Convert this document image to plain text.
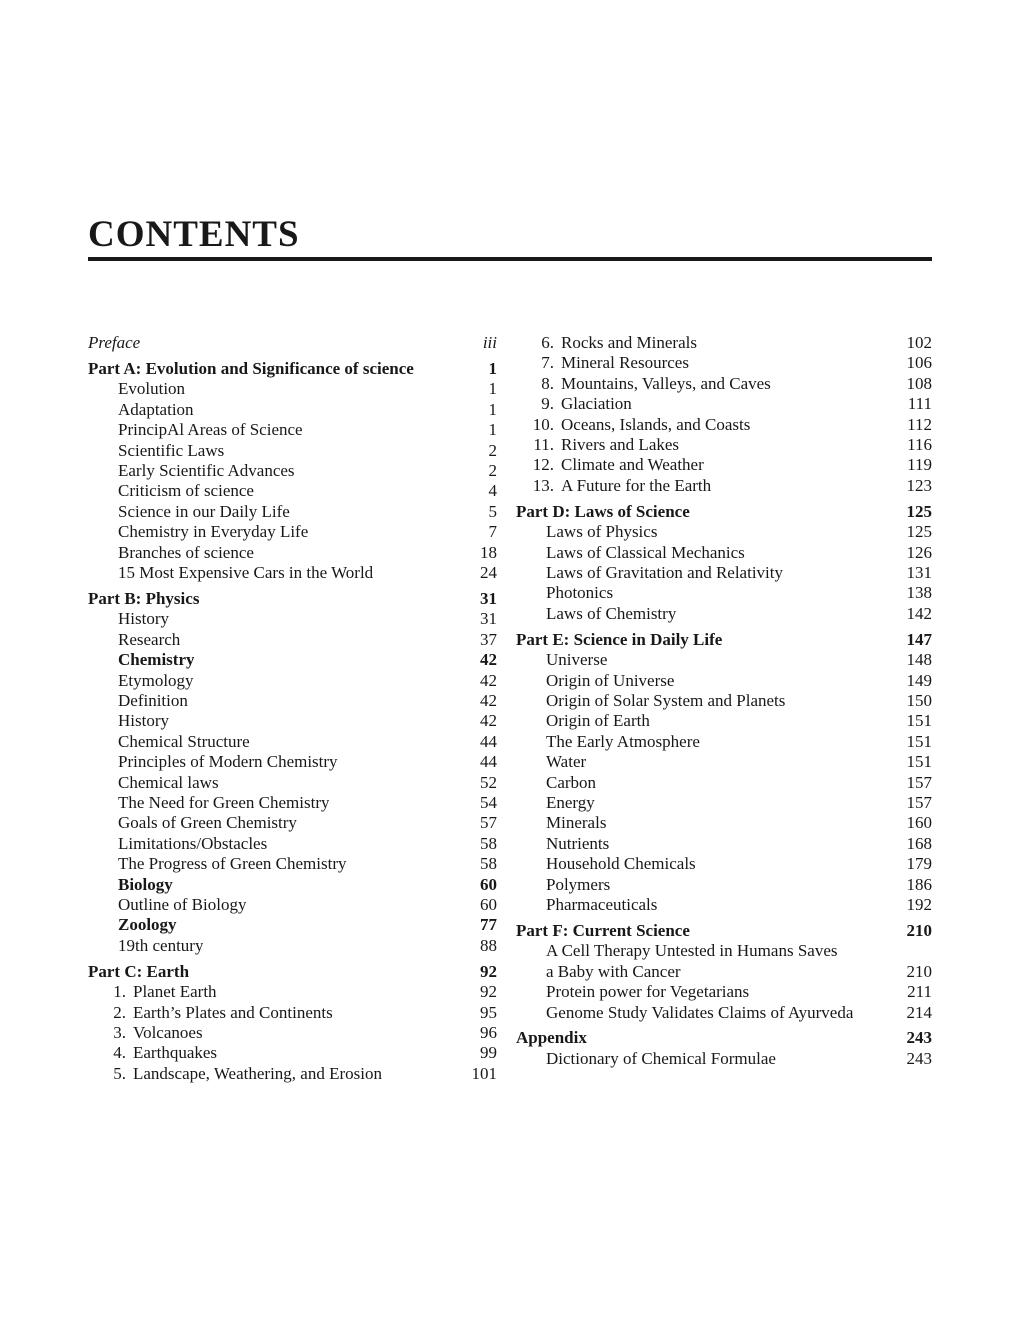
CONTENTS
Preface	iii
Part A: Evolution and Significance of science	1
Evolution	1
Adaptation	1
PrincipAl Areas of Science	1
Scientific Laws	2
Early Scientific Advances	2
Criticism of science	4
Science in our Daily Life	5
Chemistry in Everyday Life	7
Branches of science	18
15 Most Expensive Cars in the World	24
Part B: Physics	31
History	31
Research	37
Chemistry	42
Etymology	42
Definition	42
History	42
Chemical Structure	44
Principles of Modern Chemistry	44
Chemical laws	52
The Need for Green Chemistry	54
Goals of Green Chemistry	57
Limitations/Obstacles	58
The Progress of Green Chemistry	58
Biology	60
Outline of Biology	60
Zoology	77
19th century	88
Part C: Earth	92
1. Planet Earth	92
2. Earth’s Plates and Continents	95
3. Volcanoes	96
4. Earthquakes	99
5. Landscape, Weathering, and Erosion	101
6. Rocks and Minerals	102
7. Mineral Resources	106
8. Mountains, Valleys, and Caves	108
9. Glaciation	111
10. Oceans, Islands, and Coasts	112
11. Rivers and Lakes	116
12. Climate and Weather	119
13. A Future for the Earth	123
Part D: Laws of Science	125
Laws of Physics	125
Laws of Classical Mechanics	126
Laws of Gravitation and Relativity	131
Photonics	138
Laws of Chemistry	142
Part E: Science in Daily Life	147
Universe	148
Origin of Universe	149
Origin of Solar System and Planets	150
Origin of Earth	151
The Early Atmosphere	151
Water	151
Carbon	157
Energy	157
Minerals	160
Nutrients	168
Household Chemicals	179
Polymers	186
Pharmaceuticals	192
Part F: Current Science	210
A Cell Therapy Untested in Humans Saves
a Baby with Cancer	210
Protein power for Vegetarians	211
Genome Study Validates Claims of Ayurveda	214
Appendix	243
Dictionary of Chemical Formulae	243
